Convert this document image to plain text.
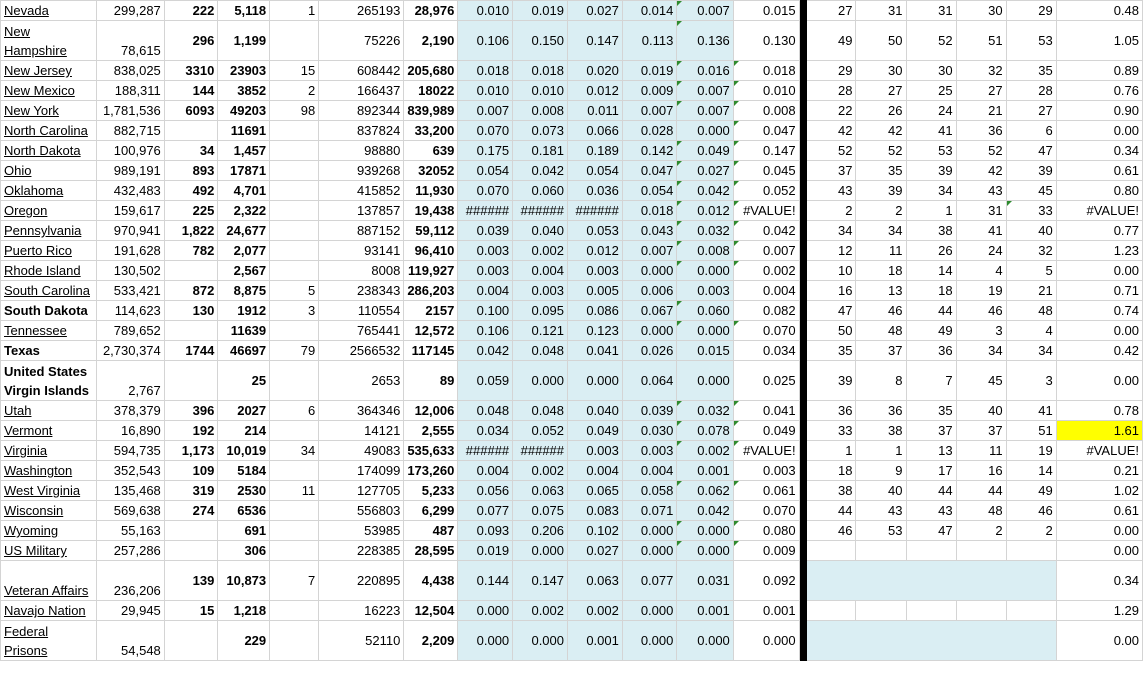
Nevada	299,287	222	5,118	1	265193	28,976	0.010	0.019	0.027	0.014	0.007	0.015		27	31	31	30	29	0.48
New Hampshire	78,615	296	1,199		75226	2,190	0.106	0.150	0.147	0.113	0.136	0.130		49	50	52	51	53	1.05
New Jersey	838,025	3310	23903	15	608442	205,680	0.018	0.018	0.020	0.019	0.016	0.018		29	30	30	32	35	0.89
New Mexico	188,311	144	3852	2	166437	18022	0.010	0.010	0.012	0.009	0.007	0.010		28	27	25	27	28	0.76
New York	1,781,536	6093	49203	98	892344	839,989	0.007	0.008	0.011	0.007	0.007	0.008		22	26	24	21	27	0.90
North Carolina	882,715		11691		837824	33,200	0.070	0.073	0.066	0.028	0.000	0.047		42	42	41	36	6	0.00
North Dakota	100,976	34	1,457		98880	639	0.175	0.181	0.189	0.142	0.049	0.147		52	52	53	52	47	0.34
Ohio	989,191	893	17871		939268	32052	0.054	0.042	0.054	0.047	0.027	0.045		37	35	39	42	39	0.61
Oklahoma	432,483	492	4,701		415852	11,930	0.070	0.060	0.036	0.054	0.042	0.052		43	39	34	43	45	0.80
Oregon	159,617	225	2,322		137857	19,438	######	######	######	0.018	0.012	#VALUE!		2	2	1	31	33	#VALUE!
Pennsylvania	970,941	1,822	24,677		887152	59,112	0.039	0.040	0.053	0.043	0.032	0.042		34	34	38	41	40	0.77
Puerto Rico	191,628	782	2,077		93141	96,410	0.003	0.002	0.012	0.007	0.008	0.007		12	11	26	24	32	1.23
Rhode Island	130,502		2,567		8008	119,927	0.003	0.004	0.003	0.000	0.000	0.002		10	18	14	4	5	0.00
South Carolina	533,421	872	8,875	5	238343	286,203	0.004	0.003	0.005	0.006	0.003	0.004		16	13	18	19	21	0.71
South Dakota	114,623	130	1912	3	110554	2157	0.100	0.095	0.086	0.067	0.060	0.082		47	46	44	46	48	0.74
Tennessee	789,652		11639		765441	12,572	0.106	0.121	0.123	0.000	0.000	0.070		50	48	49	3	4	0.00
Texas	2,730,374	1744	46697	79	2566532	117145	0.042	0.048	0.041	0.026	0.015	0.034		35	37	36	34	34	0.42
United States Virgin Islands	2,767		25		2653	89	0.059	0.000	0.000	0.064	0.000	0.025		39	8	7	45	3	0.00
Utah	378,379	396	2027	6	364346	12,006	0.048	0.048	0.040	0.039	0.032	0.041		36	36	35	40	41	0.78
Vermont	16,890	192	214		14121	2,555	0.034	0.052	0.049	0.030	0.078	0.049		33	38	37	37	51	1.61
Virginia	594,735	1,173	10,019	34	49083	535,633	######	######	0.003	0.003	0.002	#VALUE!		1	1	13	11	19	#VALUE!
Washington	352,543	109	5184		174099	173,260	0.004	0.002	0.004	0.004	0.001	0.003		18	9	17	16	14	0.21
West Virginia	135,468	319	2530	11	127705	5,233	0.056	0.063	0.065	0.058	0.062	0.061		38	40	44	44	49	1.02
Wisconsin	569,638	274	6536		556803	6,299	0.077	0.075	0.083	0.071	0.042	0.070		44	43	43	48	46	0.61
Wyoming	55,163		691		53985	487	0.093	0.206	0.102	0.000	0.000	0.080		46	53	47	2	2	0.00
US Military	257,286		306		228385	28,595	0.019	0.000	0.027	0.000	0.000	0.009							0.00
Veteran Affairs	236,206	139	10,873	7	220895	4,438	0.144	0.147	0.063	0.077	0.031	0.092							0.34
Navajo Nation	29,945	15	1,218		16223	12,504	0.000	0.002	0.002	0.000	0.001	0.001							1.29
Federal Prisons	54,548		229		52110	2,209	0.000	0.000	0.001	0.000	0.000	0.000							0.00
